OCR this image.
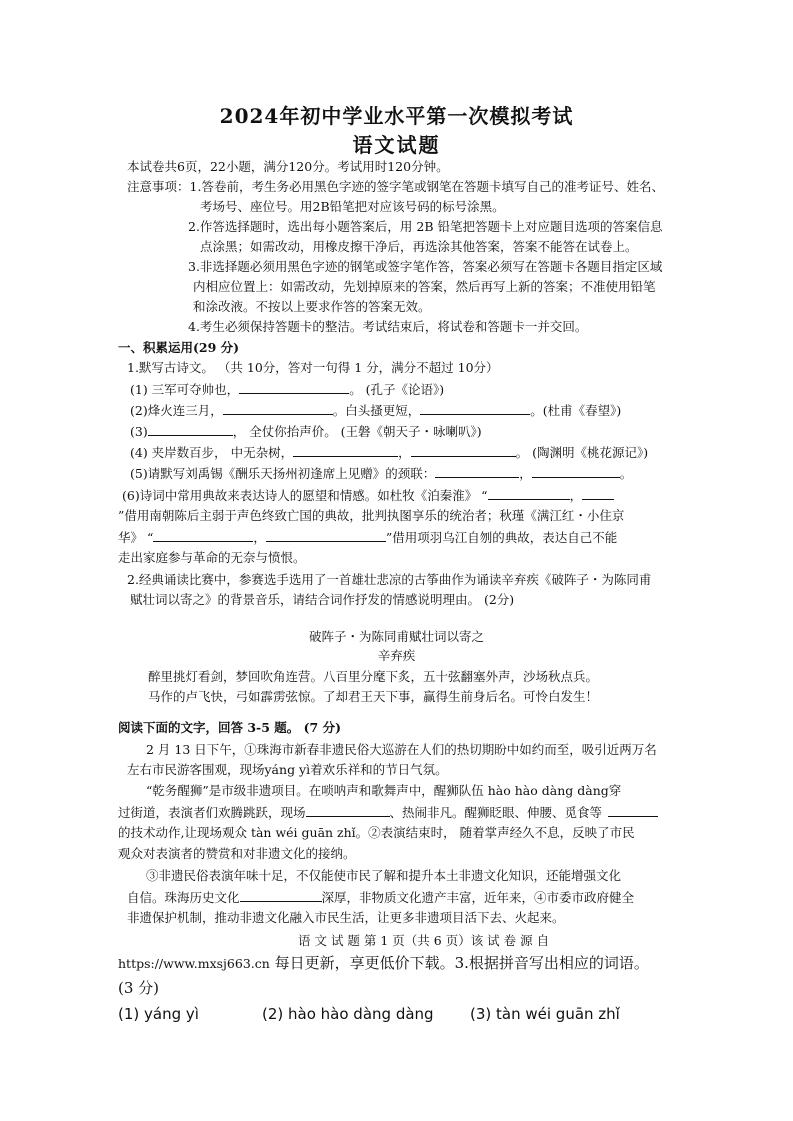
2024年初中学业水平第一次模拟考试
语文试题
本试卷共6页，22小题，满分120分。考试用时120分钟。
注意事项：1.答卷前，考生务必用黑色字迹的签字笔或钢笔在答题卡填写自己的准考证号、姓名、
考场号、座位号。用2B铅笔把对应该号码的标号涂黑。
2.作答选择题时，选出每小题答案后，用 2B 铅笔把答题卡上对应题目选项的答案信息
点涂黑；如需改动，用橡皮擦干净后，再选涂其他答案，答案不能答在试卷上。
3.非选择题必须用黑色字迹的钢笔或签字笔作答，答案必须写在答题卡各题目指定区域
内相应位置上：如需改动，先划掉原来的答案，然后再写上新的答案；不准使用铅笔
和涂改液。不按以上要求作答的答案无效。
4.考生必须保持答题卡的整洁。考试结束后，将试卷和答题卡一并交回。
一、积累运用(29 分)
1.默写古诗文。 （共 10分，答对一句得 1 分，满分不超过 10分）
(1) 三军可夺帅也，	。 (孔子《论语》)
(2)烽火连三月，	。白头搔更短，	。(杜甫《春望》)
(3)	， 全仗你抬声价。 (王磐《朝天子・咏喇叭》)
(4) 夹岸数百步， 中无杂树，	，	。 (陶渊明《桃花源记》)
(5)请默写刘禹锡《酬乐天扬州初逢席上见赠》的颈联：	，	。
(6)诗词中常用典故来表达诗人的愿望和情感。如杜牧《泊秦淮》 “	，
”借用南朝陈后主弱于声色终致亡国的典故，批判执图享乐的统治者；秋瑾《满江红・小住京
华》 “	，	”借用项羽乌江自刎的典故，表达自己不能
走出家庭参与革命的无奈与愤恨。
2.经典诵读比赛中，参赛选手选用了一首雄壮悲凉的古筝曲作为诵读辛弃疾《破阵子・为陈同甫
赋壮词以寄之》的背景音乐，请结合词作抒发的情感说明理由。 (2分)
破阵子・为陈同甫赋壮词以寄之
辛弃疾
醉里挑灯看剑，梦回吹角连营。八百里分麾下炙，五十弦翻塞外声，沙场秋点兵。
马作的卢飞快，弓如霹雳弦惊。了却君王天下事，赢得生前身后名。可怜白发生！
阅读下面的文字，回答 3-5 题。 (7 分)
2 月 13 日下午，①珠海市新春非遗民俗大巡游在人们的热切期盼中如约而至，吸引近两万名
左右市民游客围观，现场yáng yì着欢乐祥和的节日气氛。
“乾务醒狮”是市级非遗项目。在唢呐声和歌舞声中，醒狮队伍 hào hào dàng dàng穿
过街道，表演者们欢腾跳跃，现场	、热闹非凡。醒狮眨眼、伸腰、觅食等
的技术动作,让现场观众 tàn wéi guān zhǐ。②表演结束时， 随着掌声经久不息，反映了市民
观众对表演者的赞赏和对非遗文化的接纳。
③非遗民俗表演年味十足，不仅能使市民了解和提升本土非遗文化知识，还能增强文化
自信。珠海历史文化	深厚，非物质文化遗产丰富，近年来，④市委市政府健全
非遗保护机制，推动非遗文化融入市民生活，让更多非遗项目活下去、火起来。
语 文 试 题 第 1 页（共 6 页）该 试 卷 源 自
https://www.mxsj663.cn 每日更新，享更低价下载。3.根据拼音写出相应的词语。
(3 分)
(1) yáng yì	(2) hào hào dàng dàng (3) tàn wéi guān zhǐ
